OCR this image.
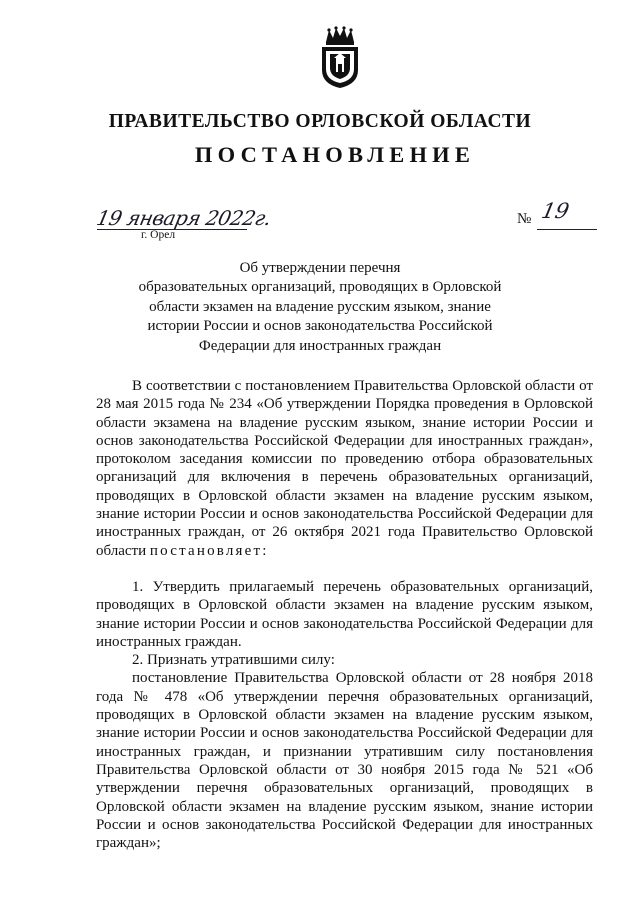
ПРАВИТЕЛЬСТВО ОРЛОВСКОЙ ОБЛАСТИ
ПОСТАНОВЛЕНИЕ
19 января 2022г.
г. Орел
№ 19
Об утверждении перечня
образовательных организаций, проводящих в Орловской
области экзамен на владение русским языком, знание
истории России и основ законодательства Российской
Федерации для иностранных граждан

В соответствии с постановлением Правительства Орловской области от 28 мая 2015 года № 234 «Об утверждении Порядка проведения в Орловской области экзамена на владение русским языком, знание истории России и основ законодательства Российской Федерации для иностранных граждан», протоколом заседания комиссии по проведению отбора образовательных организаций для включения в перечень образовательных организаций, проводящих в Орловской области экзамен на владение русским языком, знание истории России и основ законодательства Российской Федерации для иностранных граждан, от 26 октября 2021 года Правительство Орловской области постановляет:

1. Утвердить прилагаемый перечень образовательных организаций, проводящих в Орловской области экзамен на владение русским языком, знание истории России и основ законодательства Российской Федерации для иностранных граждан.

2. Признать утратившими силу:

постановление Правительства Орловской области от 28 ноября 2018 года № 478 «Об утверждении перечня образовательных организаций, проводящих в Орловской области экзамен на владение русским языком, знание истории России и основ законодательства Российской Федерации для иностранных граждан, и признании утратившим силу постановления Правительства Орловской области от 30 ноября 2015 года № 521 «Об утверждении перечня образовательных организаций, проводящих в Орловской области экзамен на владение русским языком, знание истории России и основ законодательства Российской Федерации для иностранных граждан»;
